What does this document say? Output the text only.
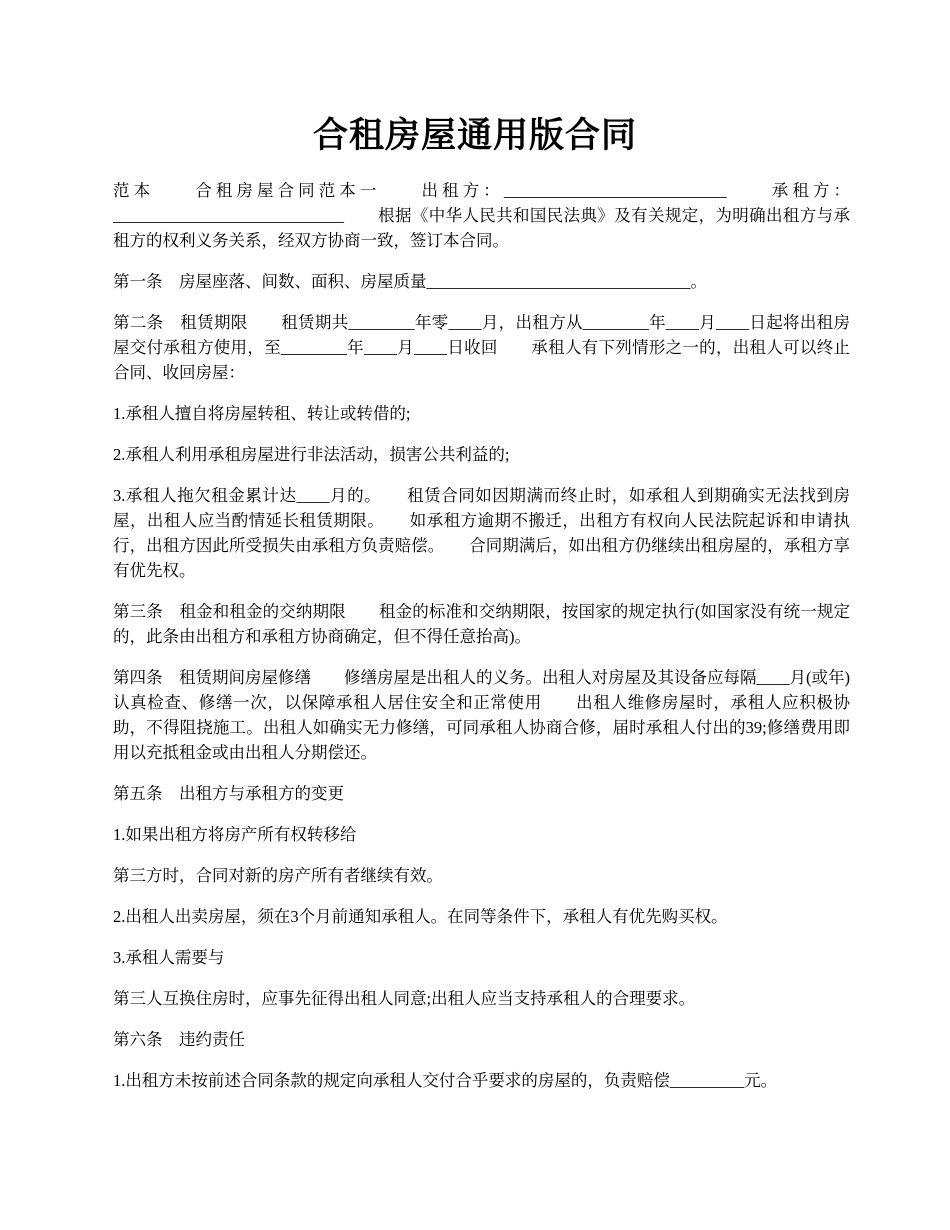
合租房屋通用版合同

范本　　合租房屋合同范本一　　出租方：___________________________　　承租方：____________________________　　根据《中华人民共和国民法典》及有关规定，为明确出租方与承租方的权利义务关系，经双方协商一致，签订本合同。

第一条　房屋座落、间数、面积、房屋质量________________________________。

第二条　租赁期限　　租赁期共________年零____月，出租方从________年____月____日起将出租房屋交付承租方使用，至________年____月____日收回　　承租人有下列情形之一的，出租人可以终止合同、收回房屋：

1.承租人擅自将房屋转租、转让或转借的;

2.承租人利用承租房屋进行非法活动，损害公共利益的;

3.承租人拖欠租金累计达____月的。　　租赁合同如因期满而终止时，如承租人到期确实无法找到房屋，出租人应当酌情延长租赁期限。　　如承租方逾期不搬迁，出租方有权向人民法院起诉和申请执行，出租方因此所受损失由承租方负责赔偿。　　合同期满后，如出租方仍继续出租房屋的，承租方享有优先权。

第三条　租金和租金的交纳期限　　租金的标准和交纳期限，按国家的规定执行(如国家没有统一规定的，此条由出租方和承租方协商确定，但不得任意抬高)。

第四条　租赁期间房屋修缮　　修缮房屋是出租人的义务。出租人对房屋及其设备应每隔____月(或年)认真检查、修缮一次，以保障承租人居住安全和正常使用　　出租人维修房屋时，承租人应积极协助，不得阻挠施工。出租人如确实无力修缮，可同承租人协商合修，届时承租人付出的39;修缮费用即用以充抵租金或由出租人分期偿还。

第五条　出租方与承租方的变更

1.如果出租方将房产所有权转移给

第三方时，合同对新的房产所有者继续有效。

2.出租人出卖房屋，须在3个月前通知承租人。在同等条件下，承租人有优先购买权。

3.承租人需要与

第三人互换住房时，应事先征得出租人同意;出租人应当支持承租人的合理要求。

第六条　违约责任

1.出租方未按前述合同条款的规定向承租人交付合乎要求的房屋的，负责赔偿_________元。
